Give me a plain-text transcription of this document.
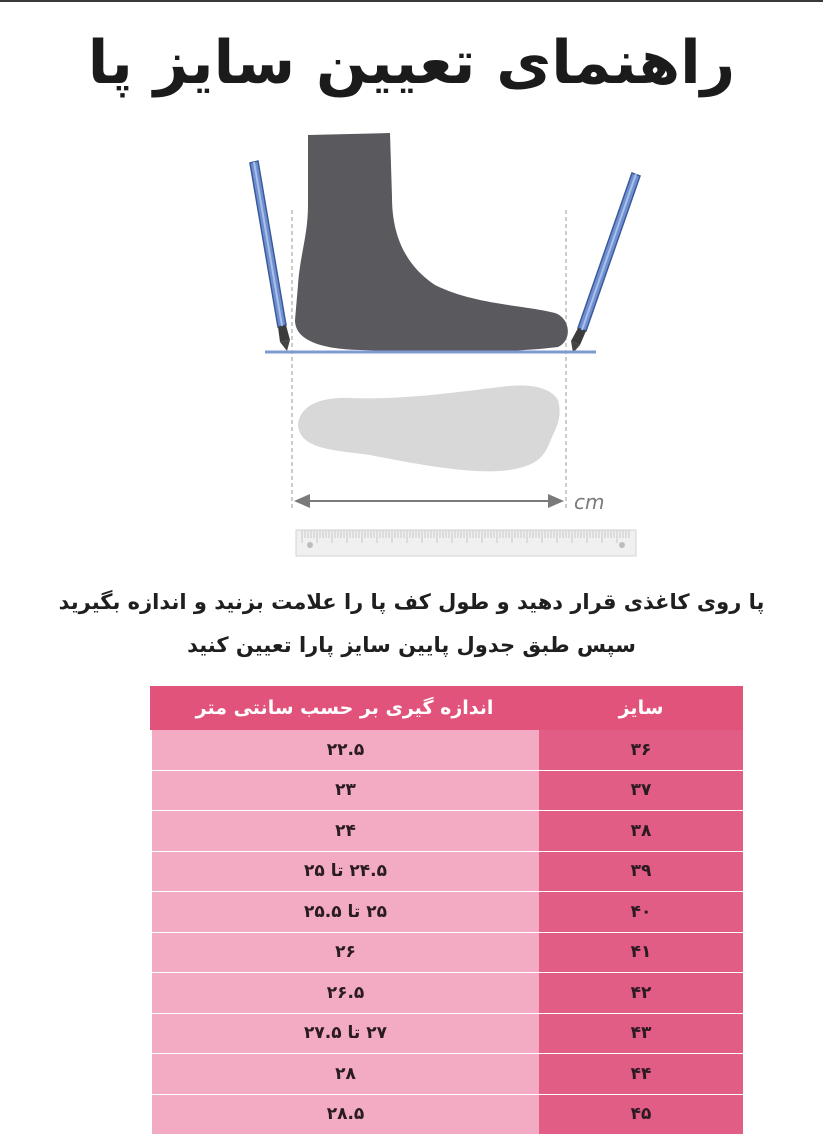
راهنمای تعیین سایز پا
cm
پا روی کاغذی قرار دهید و طول کف پا را علامت بزنید و اندازه بگیرید
سپس طبق جدول پایین سایز پارا تعیین کنید
سایز
اندازه گیری بر حسب سانتی متر
۳۶
۲۲.۵
۳۷
۲۳
۳۸
۲۴
۳۹
۲۴.۵ تا ۲۵
۴۰
۲۵ تا ۲۵.۵
۴۱
۲۶
۴۲
۲۶.۵
۴۳
۲۷ تا ۲۷.۵
۴۴
۲۸
۴۵
۲۸.۵
